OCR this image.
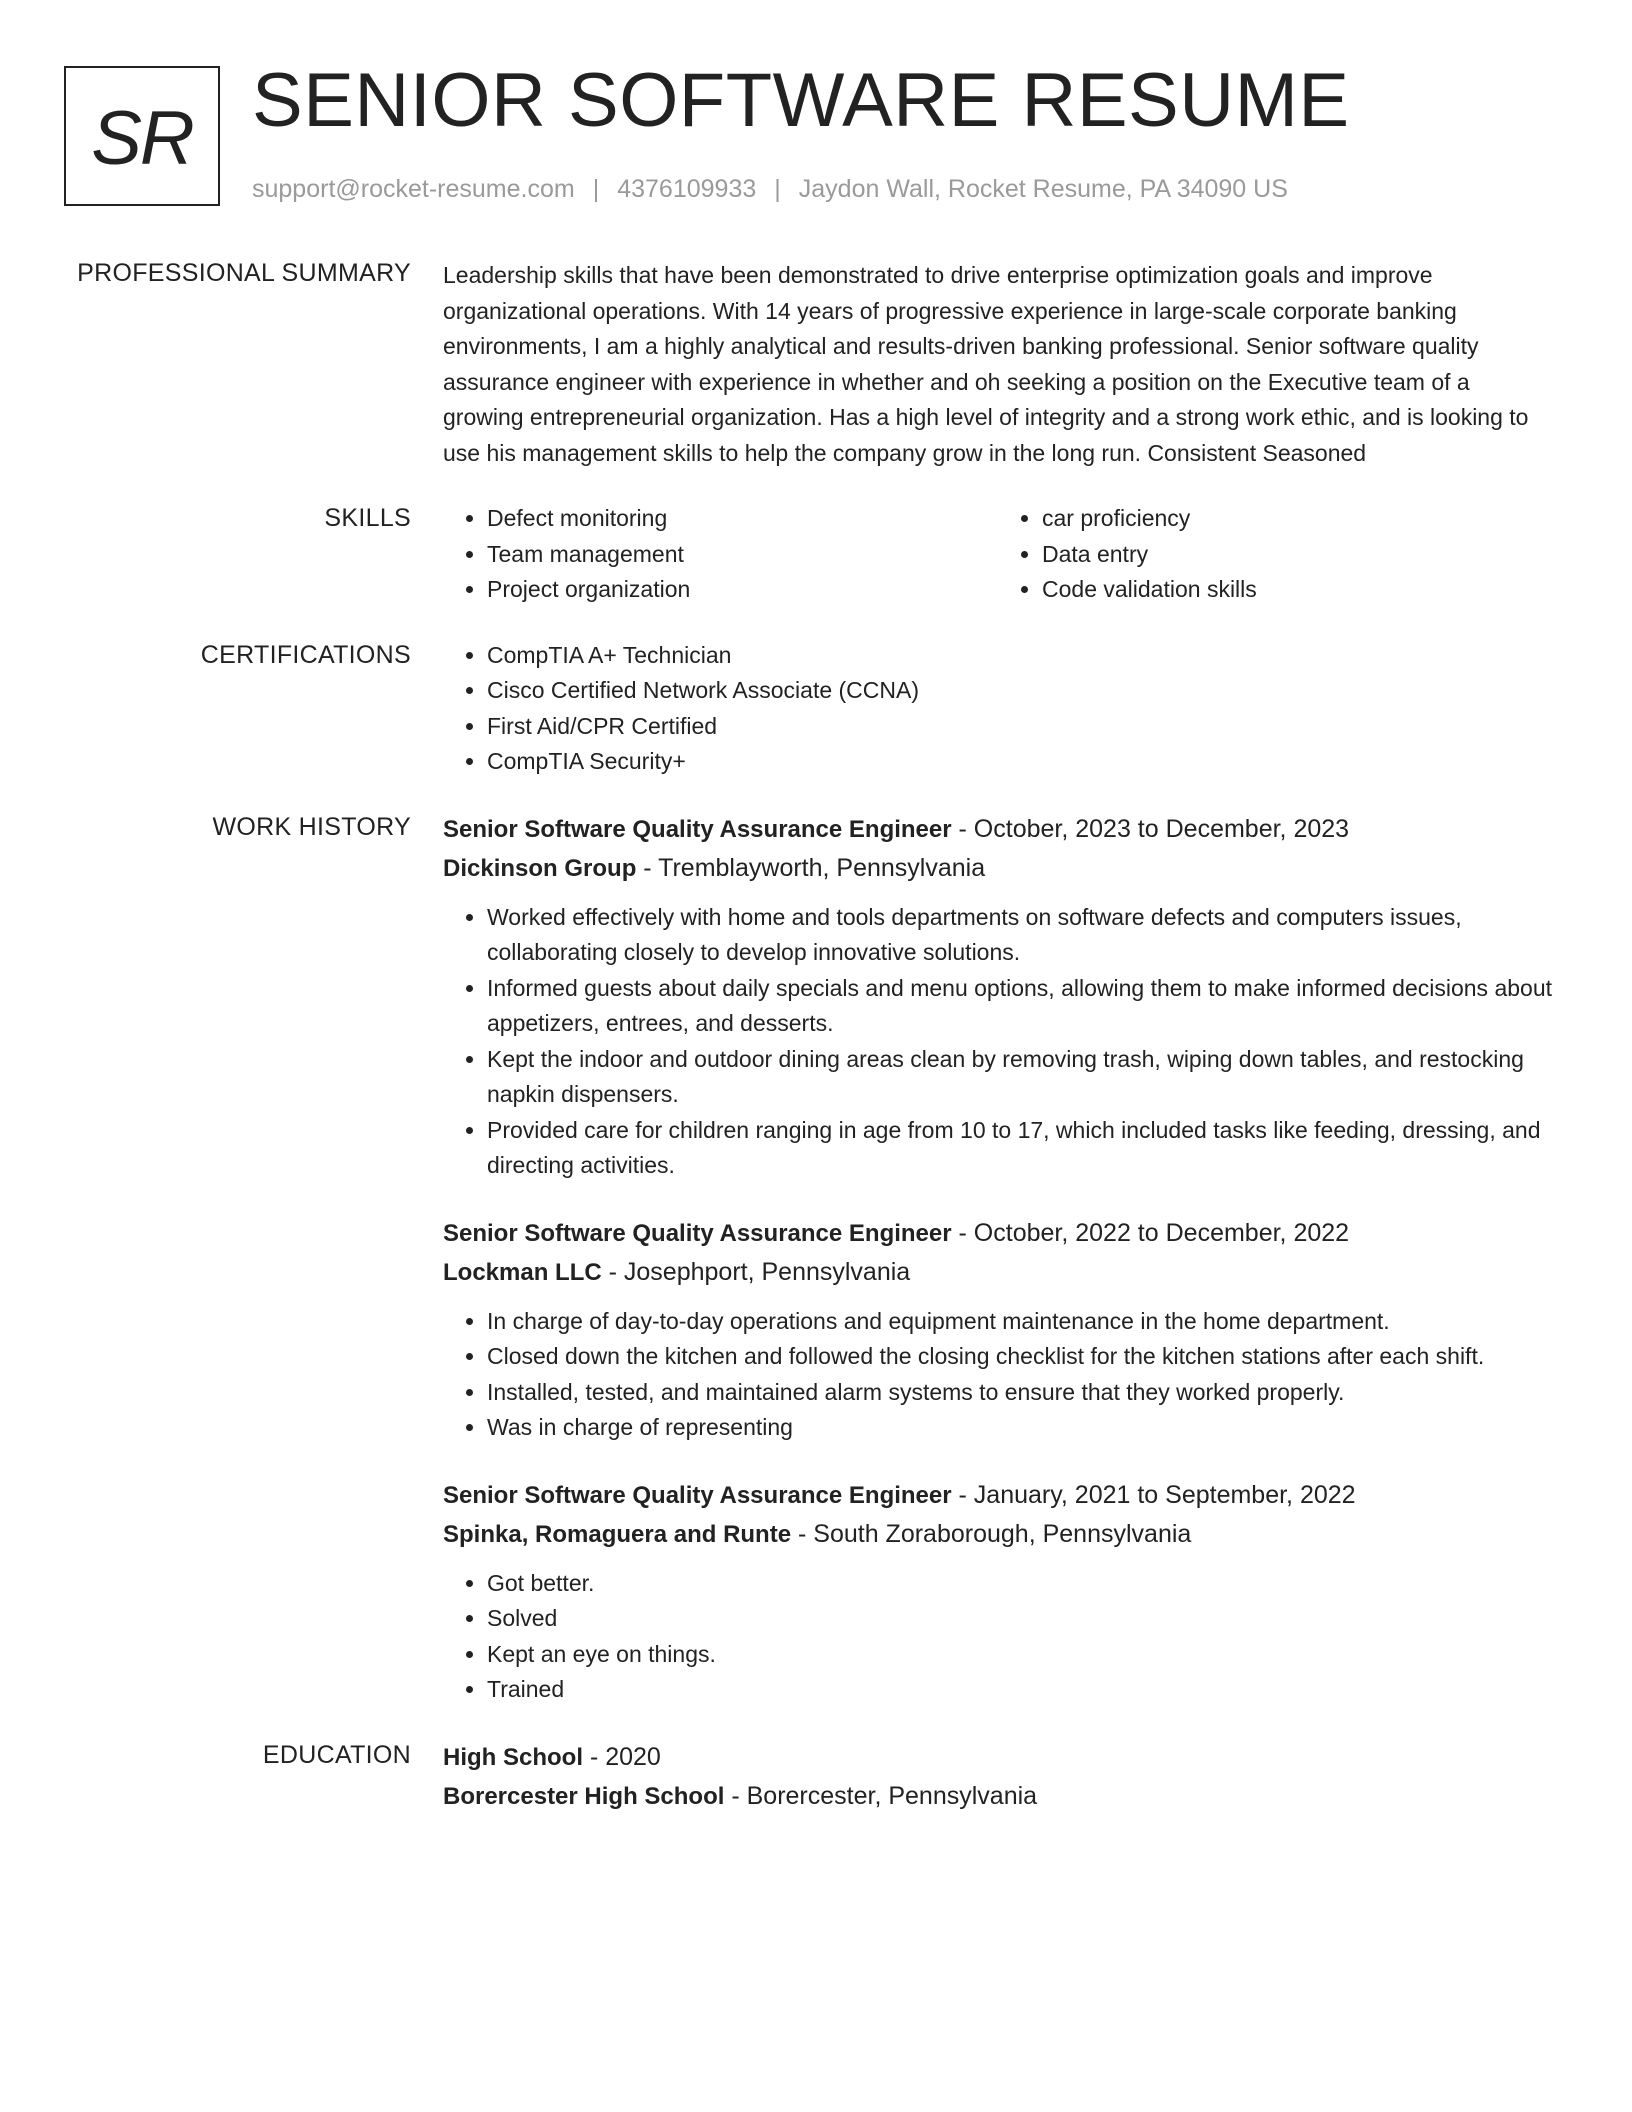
SR SENIOR SOFTWARE RESUME
support@rocket-resume.com | 4376109933 | Jaydon Wall, Rocket Resume, PA 34090 US
PROFESSIONAL SUMMARY Leadership skills that have been demonstrated to drive enterprise optimization goals and improve organizational operations. With 14 years of progressive experience in large-scale corporate banking environments, I am a highly analytical and results-driven banking professional. Senior software quality assurance engineer with experience in whether and oh seeking a position on the Executive team of a growing entrepreneurial organization. Has a high level of integrity and a strong work ethic, and is looking to use his management skills to help the company grow in the long run. Consistent Seasoned

SKILLS	• Defect monitoring
• Team management
• Project organization
• car proficiency
• Data entry
• Code validation skills
CERTIFICATIONS	• CompTIA A+ Technician
• Cisco Certified Network Associate (CCNA)
• First Aid/CPR Certified
• CompTIA Security+
WORK HISTORY Senior Software Quality Assurance Engineer - October, 2023 to December, 2023
Dickinson Group - Tremblayworth, Pennsylvania
• Worked effectively with home and tools departments on software defects and computers issues, collaborating closely to develop innovative solutions.
• Informed guests about daily specials and menu options, allowing them to make informed decisions about appetizers, entrees, and desserts.
• Kept the indoor and outdoor dining areas clean by removing trash, wiping down tables, and restocking napkin dispensers.
• Provided care for children ranging in age from 10 to 17, which included tasks like feeding, dressing, and directing activities.
Senior Software Quality Assurance Engineer - October, 2022 to December, 2022
Lockman LLC - Josephport, Pennsylvania
• In charge of day-to-day operations and equipment maintenance in the home department.
• Closed down the kitchen and followed the closing checklist for the kitchen stations after each shift.
• Installed, tested, and maintained alarm systems to ensure that they worked properly.
• Was in charge of representing
Senior Software Quality Assurance Engineer - January, 2021 to September, 2022
Spinka, Romaguera and Runte - South Zoraborough, Pennsylvania
• Got better.
• Solved
• Kept an eye on things.
• Trained
EDUCATION High School - 2020
Borercester High School - Borercester, Pennsylvania
